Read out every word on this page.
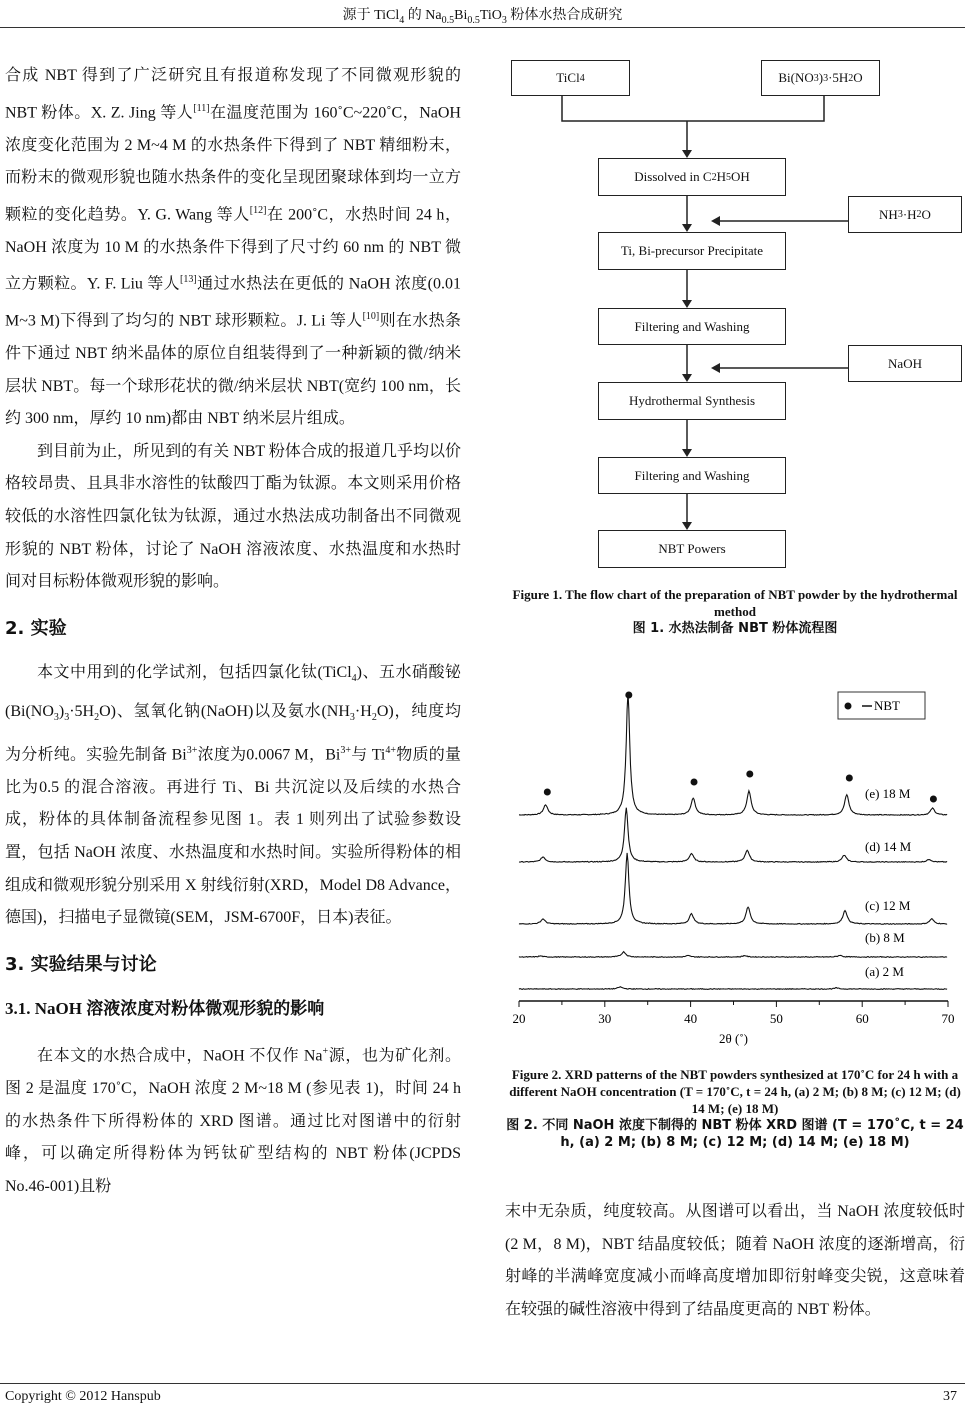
源于 TiCl$_4$ 的 $Na_{0.5}Bi_{0.5}TiO_3$ 粉体水热合成研究

合成 NBT 得到了广泛研究且有报道称发现了不同微观形貌的 NBT 粉体。X. Z. Jing 等人[11]在温度范围为 160˚C~220˚C，NaOH 浓度变化范围为 2 M~4 M 的水热条件下得到了 NBT 精细粉末，而粉末的微观形貌也随水热条件的变化呈现团聚球体到均一立方颗粒的变化趋势。Y. G. Wang 等人[12]在 200˚C，水热时间 24 h，NaOH 浓度为 10 M 的水热条件下得到了尺寸约 60 nm 的 NBT 微立方颗粒。Y. F. Liu 等人[13]通过水热法在更低的 NaOH 浓度(0.01 M~3 M)下得到了均匀的 NBT 球形颗粒。J. Li 等人[10]则在水热条件下通过 NBT 纳米晶体的原位自组装得到了一种新颖的微/纳米层状 NBT。每一个球形花状的微/纳米层状 NBT(宽约 100 nm，长约 300 nm，厚约 10 nm)都由 NBT 纳米层片组成。

到目前为止，所见到的有关 NBT 粉体合成的报道几乎均以价格较昂贵、且具非水溶性的钛酸四丁酯为钛源。本文则采用价格较低的水溶性四氯化钛为钛源，通过水热法成功制备出不同微观形貌的 NBT 粉体，讨论了 NaOH 溶液浓度、水热温度和水热时间对目标粉体微观形貌的影响。

2. 实验

本文中用到的化学试剂，包括四氯化钛(TiCl$_4$)、五水硝酸铋$(Bi(NO_3)_3\cdot 5H_2O)$、氢氧化钠(NaOH)以及氨水$(NH_3\cdot H_2O)$，纯度均为分析纯。实验先制备 $Bi^{3+}$浓度为0.0067 M，$Bi^{3+}$与 $Ti^{4+}$物质的量比为0.5 的混合溶液。再进行 Ti、Bi 共沉淀以及后续的水热合成，粉体的具体制备流程参见图 1。表 1 则列出了试验参数设置，包括 NaOH 浓度、水热温度和水热时间。实验所得粉体的相组成和微观形貌分别采用 X 射线衍射(XRD，Model D8 Advance，德国)，扫描电子显微镜(SEM，JSM-6700F，日本)表征。

3. 实验结果与讨论
3.1. NaOH 溶液浓度对粉体微观形貌的影响

在本文的水热合成中，NaOH 不仅作 Na+源，也为矿化剂。图 2 是温度 170˚C，NaOH 浓度 2 M~18 M (参见表 1)，时间 24 h 的水热条件下所得粉体的 XRD 图谱。通过比对图谱中的衍射峰，可以确定所得粉体为钙钛矿型结构的 NBT 粉体(JCPDS No.46-001)且粉

TiCl 4	Bi(NO 3 ) 3 ·5H 2 O
Dissolved in C 2 H 5 OH
NH 3 ·H 2 O
Ti, Bi-precursor Precipitate
Filtering and Washing
NaOH
Hydrothermal Synthesis
Filtering and Washing
NBT Powers
Figure 1. The flow chart of the preparation of NBT powder by the hydrothermal method
图 1. 水热法制备 NBT 粉体流程图
20	30	40	50	60	70
2θ (˚)
(e) 18 M
(d) 14 M
(c) 12 M
(b) 8 M
(a) 2 M
NBT
Figure 2. XRD patterns of the NBT powders synthesized at 170˚C for 24 h with a different NaOH concentration (T = 170˚C, t = 24 h, (a) 2 M; (b) 8 M; (c) 12 M; (d) 14 M; (e) 18 M)
图 2. 不同 NaOH 浓度下制得的 NBT 粉体 XRD 图谱 (T = 170˚C, t = 24 h, (a) 2 M; (b) 8 M; (c) 12 M; (d) 14 M; (e) 18 M)

末中无杂质，纯度较高。从图谱可以看出，当 NaOH 浓度较低时(2 M，8 M)，NBT 结晶度较低；随着 NaOH 浓度的逐渐增高，衍射峰的半满峰宽度减小而峰高度增加即衍射峰变尖锐，这意味着在较强的碱性溶液中得到了结晶度更高的 NBT 粉体。

Copyright © 2012 Hanspub	37
